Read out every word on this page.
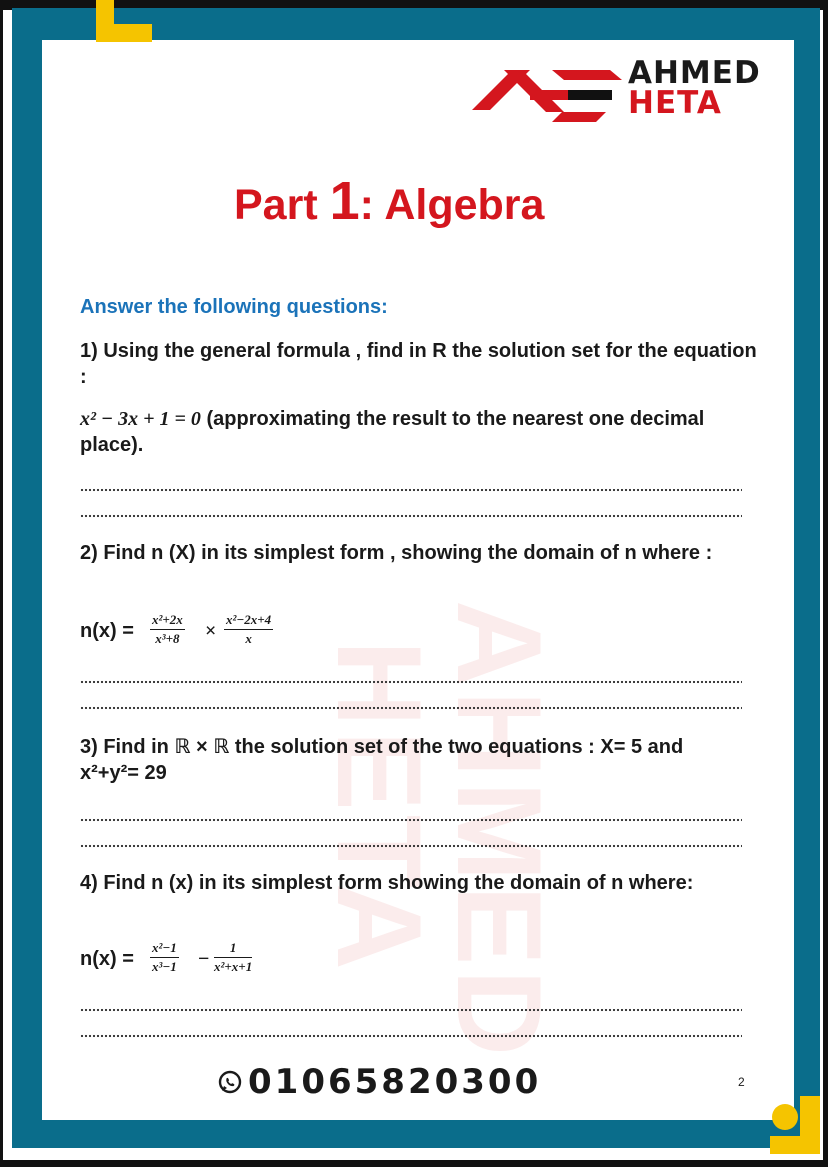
AHMED
HETA
Part 1: Algebra
Answer the following questions:
1) Using the general formula , find in R the solution set for the equation :
x² − 3x + 1 = 0 (approximating the result to the nearest one decimal place).
2) Find n (X) in its simplest form , showing the domain of n where :
$n(x) = \frac{\text{x²+2x}}{\text{x³+8}} \times \frac{\text{x²−2x+4}}{x}$
3) Find in ℝ × ℝ the solution set of the two equations : X= 5 and
x²+y²= 29
4) Find n (x) in its simplest form showing the domain of n where:
$n(x) = \frac{\text{x²−1}}{\text{x³−1}} - \frac{1}{\text{x²+x+1}}$
01065820300	2
